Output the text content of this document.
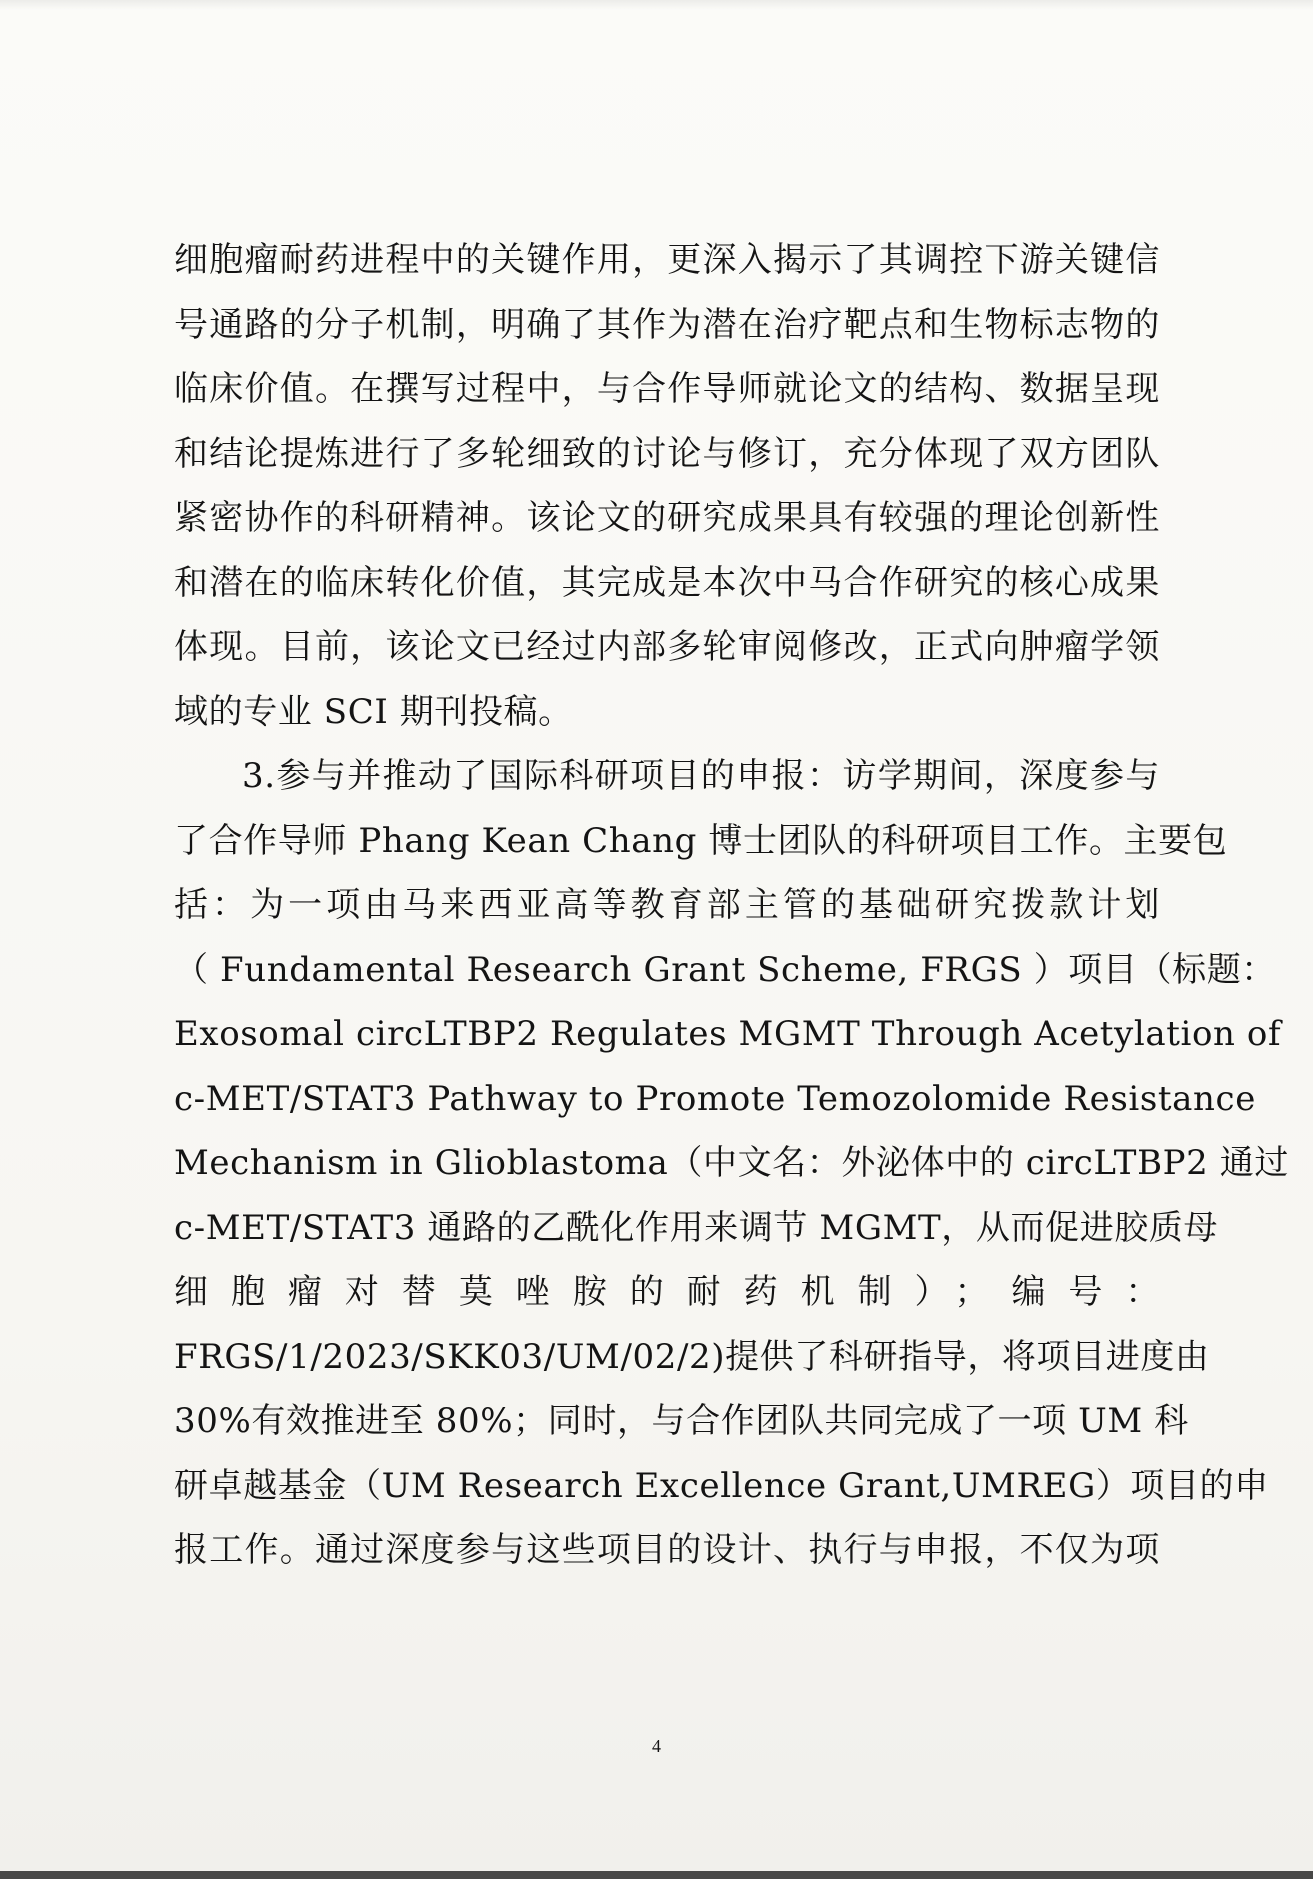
细胞瘤耐药进程中的关键作用，更深入揭示了其调控下游关键信
号通路的分子机制，明确了其作为潜在治疗靶点和生物标志物的
临床价值。在撰写过程中，与合作导师就论文的结构、数据呈现
和结论提炼进行了多轮细致的讨论与修订，充分体现了双方团队
紧密协作的科研精神。该论文的研究成果具有较强的理论创新性
和潜在的临床转化价值，其完成是本次中马合作研究的核心成果
体现。目前，该论文已经过内部多轮审阅修改，正式向肿瘤学领
域的专业 SCI 期刊投稿。
3.参与并推动了国际科研项目的申报：访学期间，深度参与
了合作导师 Phang Kean Chang 博士团队的科研项目工作。主要包
括：为一项由马来西亚高等教育部主管的基础研究拨款计划
（ Fundamental Research Grant Scheme, FRGS ）项目（标题：
Exosomal circLTBP2 Regulates MGMT Through Acetylation of
c-MET/STAT3 Pathway to Promote Temozolomide Resistance
Mechanism in Glioblastoma（中文名：外泌体中的 circLTBP2 通过
c-MET/STAT3 通路的乙酰化作用来调节 MGMT，从而促进胶质母
细胞瘤对替莫唑胺的耐药机制）；编号：
FRGS/1/2023/SKK03/UM/02/2)提供了科研指导，将项目进度由
30%有效推进至 80%；同时，与合作团队共同完成了一项 UM 科
研卓越基金（UM Research Excellence Grant,UMREG）项目的申
报工作。通过深度参与这些项目的设计、执行与申报，不仅为项
4
